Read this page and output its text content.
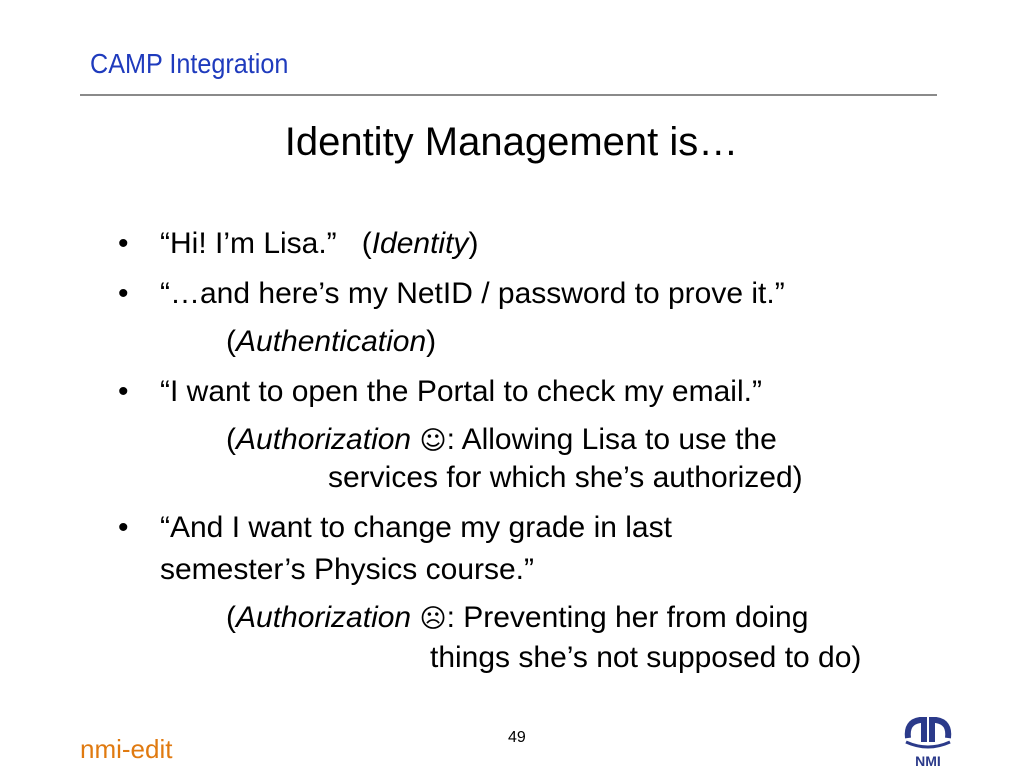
CAMP Integration
Identity Management is…
• “Hi! I’m Lisa.” (Identity)
• “…and here’s my NetID / password to prove it.”
(Authentication)
• “I want to open the Portal to check my email.”
(Authorization ☺: Allowing Lisa to use the
services for which she’s authorized)
• “And I want to change my grade in last
semester’s Physics course.”
(Authorization ☹: Preventing her from doing
things she’s not supposed to do)
nmi-edit	49
NMI
